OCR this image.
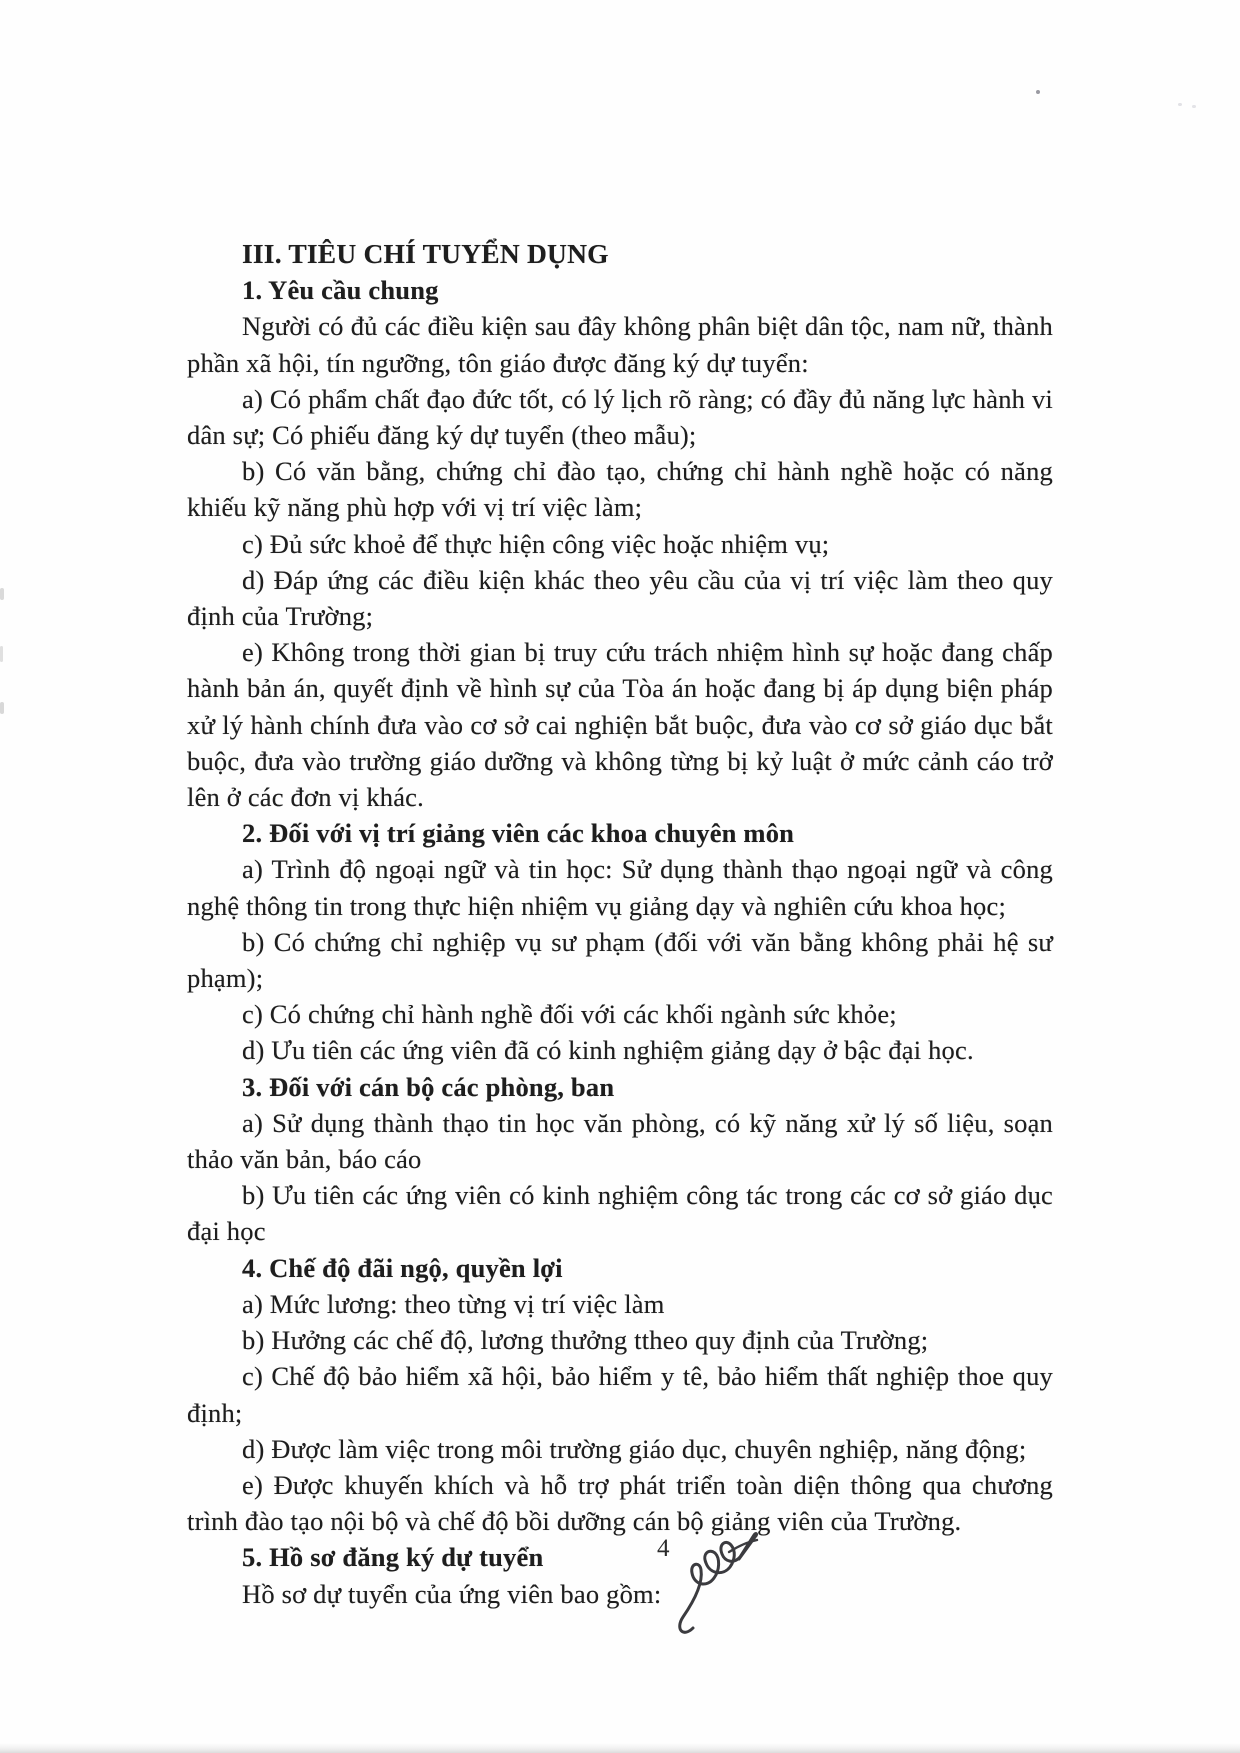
III. TIÊU CHÍ TUYỂN DỤNG
1. Yêu cầu chung

Người có đủ các điều kiện sau đây không phân biệt dân tộc, nam nữ, thành phần xã hội, tín ngưỡng, tôn giáo được đăng ký dự tuyển:

a) Có phẩm chất đạo đức tốt, có lý lịch rõ ràng; có đầy đủ năng lực hành vi dân sự; Có phiếu đăng ký dự tuyển (theo mẫu);

b) Có văn bằng, chứng chỉ đào tạo, chứng chỉ hành nghề hoặc có năng khiếu kỹ năng phù hợp với vị trí việc làm;

c) Đủ sức khoẻ để thực hiện công việc hoặc nhiệm vụ;

d) Đáp ứng các điều kiện khác theo yêu cầu của vị trí việc làm theo quy định của Trường;

e) Không trong thời gian bị truy cứu trách nhiệm hình sự hoặc đang chấp hành bản án, quyết định về hình sự của Tòa án hoặc đang bị áp dụng biện pháp xử lý hành chính đưa vào cơ sở cai nghiện bắt buộc, đưa vào cơ sở giáo dục bắt buộc, đưa vào trường giáo dưỡng và không từng bị kỷ luật ở mức cảnh cáo trở lên ở các đơn vị khác.

2. Đối với vị trí giảng viên các khoa chuyên môn

a) Trình độ ngoại ngữ và tin học: Sử dụng thành thạo ngoại ngữ và công nghệ thông tin trong thực hiện nhiệm vụ giảng dạy và nghiên cứu khoa học;

b) Có chứng chỉ nghiệp vụ sư phạm (đối với văn bằng không phải hệ sư phạm);

c) Có chứng chỉ hành nghề đối với các khối ngành sức khỏe;

d) Ưu tiên các ứng viên đã có kinh nghiệm giảng dạy ở bậc đại học.

3. Đối với cán bộ các phòng, ban

a) Sử dụng thành thạo tin học văn phòng, có kỹ năng xử lý số liệu, soạn thảo văn bản, báo cáo

b) Ưu tiên các ứng viên có kinh nghiệm công tác trong các cơ sở giáo dục đại học

4. Chế độ đãi ngộ, quyền lợi

a) Mức lương: theo từng vị trí việc làm

b) Hưởng các chế độ, lương thưởng ttheo quy định của Trường;

c) Chế độ bảo hiểm xã hội, bảo hiểm y tê, bảo hiểm thất nghiệp thoe quy định;

d) Được làm việc trong môi trường giáo dục, chuyên nghiệp, năng động;

e) Được khuyến khích và hỗ trợ phát triển toàn diện thông qua chương trình đào tạo nội bộ và chế độ bồi dưỡng cán bộ giảng viên của Trường.

5. Hồ sơ đăng ký dự tuyển

Hồ sơ dự tuyển của ứng viên bao gồm:

4
